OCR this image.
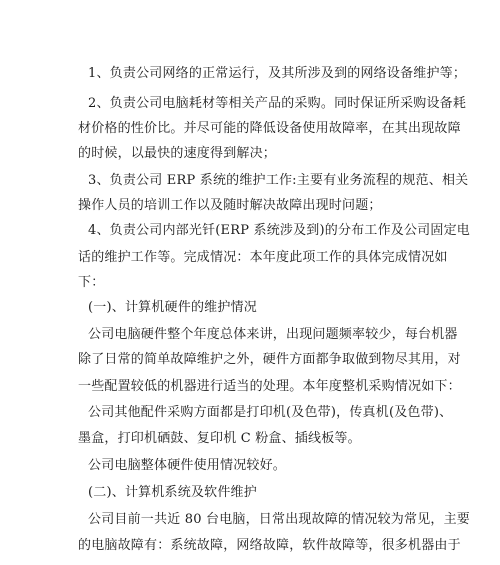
1、负责公司网络的正常运行，及其所涉及到的网络设备维护等；
2、负责公司电脑耗材等相关产品的采购。同时保证所采购设备耗
材价格的性价比。并尽可能的降低设备使用故障率，在其出现故障
的时候，以最快的速度得到解决；
3、负责公司 ERP 系统的维护工作:主要有业务流程的规范、相关
操作人员的培训工作以及随时解决故障出现时问题；
4、负责公司内部光钎(ERP 系统涉及到)的分布工作及公司固定电
话的维护工作等。完成情况：本年度此项工作的具体完成情况如
下：
(一)、计算机硬件的维护情况
公司电脑硬件整个年度总体来讲，出现问题频率较少，每台机器
除了日常的简单故障维护之外，硬件方面都争取做到物尽其用，对
一些配置较低的机器进行适当的处理。本年度整机采购情况如下：
公司其他配件采购方面都是打印机(及色带)，传真机(及色带)、
墨盒，打印机硒鼓、复印机 C 粉盒、插线板等。
公司电脑整体硬件使用情况较好。
(二)、计算机系统及软件维护
公司目前一共近 80 台电脑，日常出现故障的情况较为常见，主要
的电脑故障有：系统故障，网络故障，软件故障等，很多机器由于
